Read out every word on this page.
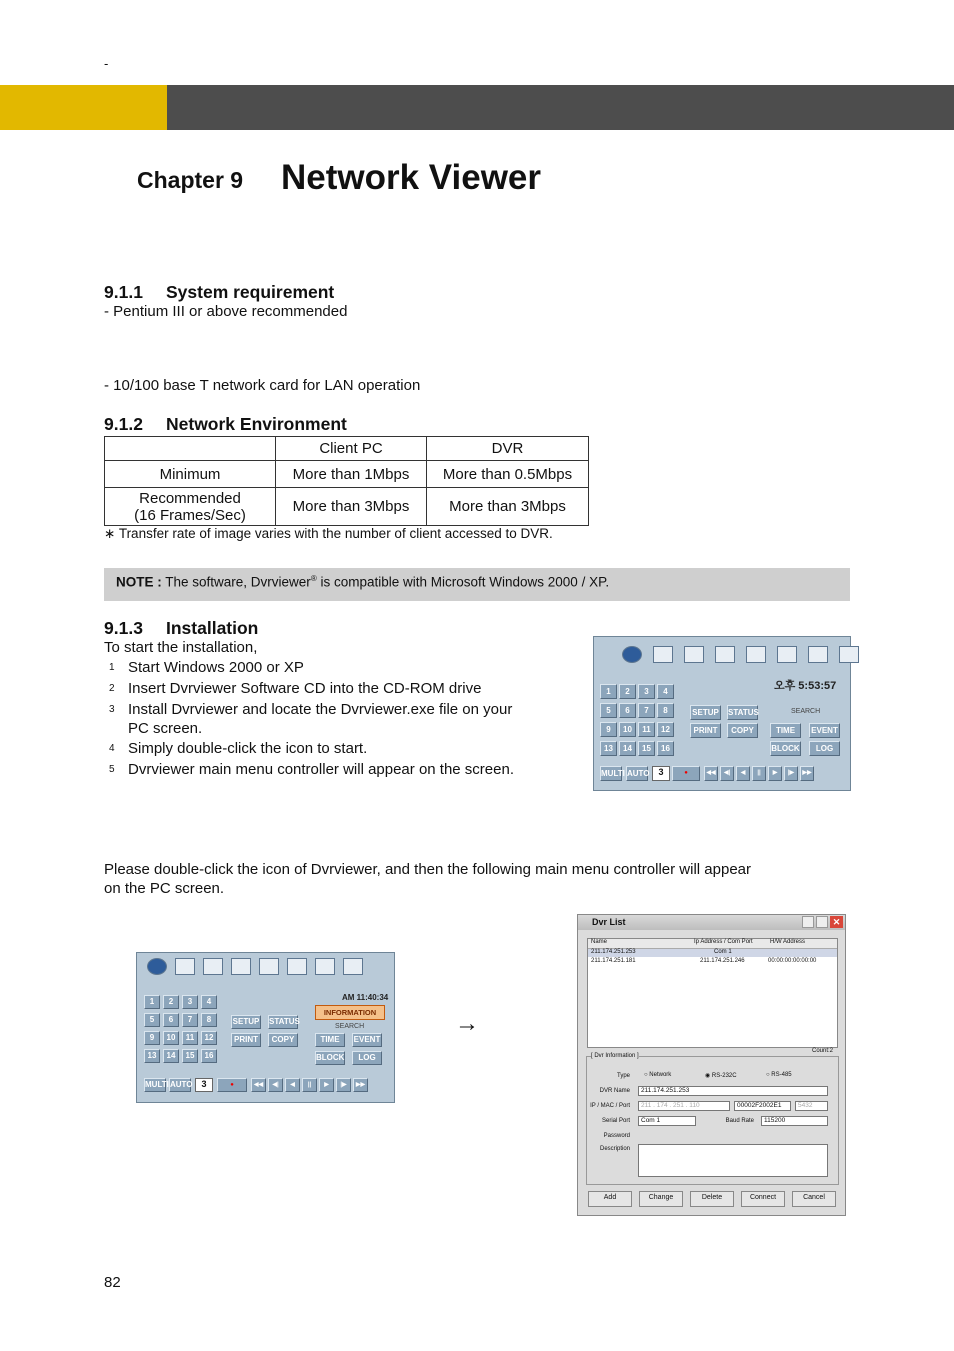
-
Chapter 9 Network Viewer
9.1.1 System requirement
- Pentium III or above recommended
- 10/100 base T network card for LAN operation
9.1.2 Network Environment
	Client PC	DVR
Minimum	More than 1Mbps	More than 0.5Mbps

Recommended
(16 Frames/Sec)	More than 3Mbps	More than 3Mbps
∗ Transfer rate of image varies with the number of client accessed to DVR.
NOTE : The software, Dvrviewer® is compatible with Microsoft Windows 2000 / XP.
9.1.3 Installation
To start the installation,
1 Start Windows 2000 or XP
2 Insert Dvrviewer Software CD into the CD-ROM drive
3 Install Dvrviewer and locate the Dvrviewer.exe file on your
PC screen.
4 Simply double-click the icon to start.
5 Dvrviewer main menu controller will appear on the screen.
오후 5:53:57
SEARCH
1	2	3	4
5	6	7	8
9	10	11	12
13	14	15	16
SETUP STATUS
PRINT	COPY	TIME	EVENT
BLOCK	LOG
MULTI AUTO 3	●	◀◀	◀|	◀	||	▶	|▶	▶▶
Please double-click the icon of Dvrviewer, and then the following main menu controller will appear
on the PC screen.
AM 11:40:34
INFORMATION
SEARCH
1	2	3	4
5	6	7	8
9	10	11	12
13	14	15	16
SETUP STATUS
PRINT	COPY	TIME	EVENT
BLOCK	LOG
MULTI AUTO 3	●	◀◀	◀|	◀	||	▶	|▶	▶▶
→
Dvr List	✕
Name	Ip Address / Com Port	H/W Address
211.174.251.253	Com 1
211.174.251.181	211.174.251.246	00:00:00:00:00:00
Count:2
[ Dvr Information ]
Type ○ Network	◉ RS-232C	○ RS-485
DVR Name	211.174.251.253
IP / MAC / Port	211 . 174 . 251 . 110	00002F2002E1	5432
Serial Port	Com 1	Baud Rate	115200
Password
Description
Add	Change	Delete	Connect	Cancel
82
